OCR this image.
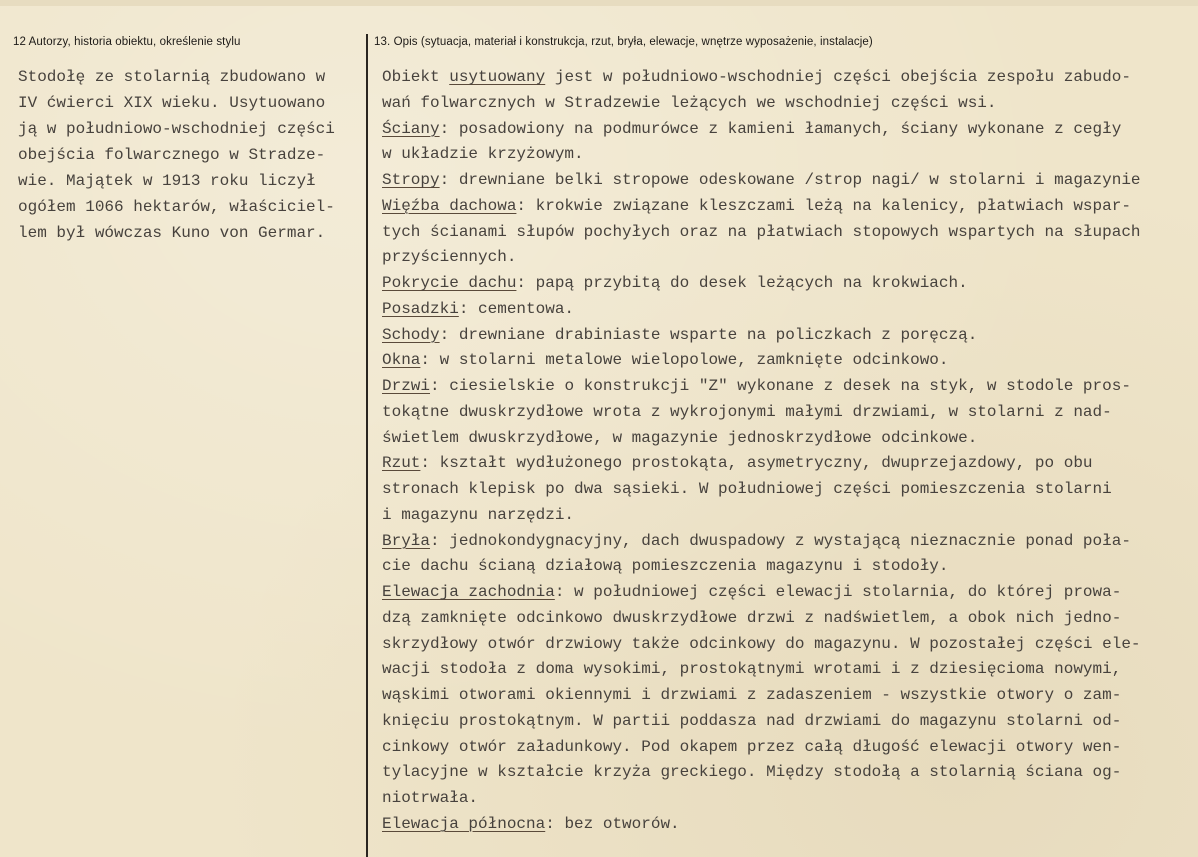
12 Autorzy, historia obiektu, określenie stylu	13. Opis (sytuacja, materiał i konstrukcja, rzut, bryła, elewacje, wnętrze wyposażenie, instalacje)
Stodołę ze stolarnią zbudowano w
IV ćwierci XIX wieku. Usytuowano
ją w południowo-wschodniej części
obejścia folwarcznego w Stradze-
wie. Majątek w 1913 roku liczył
ogółem 1066 hektarów, właściciel-
lem był wówczas Kuno von Germar.
Obiekt usytuowany jest w południowo-wschodniej części obejścia zespołu zabudo-
wań folwarcznych w Stradzewie leżących we wschodniej części wsi.
Ściany: posadowiony na podmurówce z kamieni łamanych, ściany wykonane z cegły
w układzie krzyżowym.
Stropy: drewniane belki stropowe odeskowane /strop nagi/ w stolarni i magazynie
Więźba dachowa: krokwie związane kleszczami leżą na kalenicy, płatwiach wspar-
tych ścianami słupów pochyłych oraz na płatwiach stopowych wspartych na słupach
przyściennych.
Pokrycie dachu: papą przybitą do desek leżących na krokwiach.
Posadzki: cementowa.
Schody: drewniane drabiniaste wsparte na policzkach z poręczą.
Okna: w stolarni metalowe wielopolowe, zamknięte odcinkowo.
Drzwi: ciesielskie o konstrukcji "Z" wykonane z desek na styk, w stodole pros-
tokątne dwuskrzydłowe wrota z wykrojonymi małymi drzwiami, w stolarni z nad-
świetlem dwuskrzydłowe, w magazynie jednoskrzydłowe odcinkowe.
Rzut: kształt wydłużonego prostokąta, asymetryczny, dwuprzejazdowy, po obu
stronach klepisk po dwa sąsieki. W południowej części pomieszczenia stolarni
i magazynu narzędzi.
Bryła: jednokondygnacyjny, dach dwuspadowy z wystającą nieznacznie ponad poła-
cie dachu ścianą działową pomieszczenia magazynu i stodoły.
Elewacja zachodnia: w południowej części elewacji stolarnia, do której prowa-
dzą zamknięte odcinkowo dwuskrzydłowe drzwi z nadświetlem, a obok nich jedno-
skrzydłowy otwór drzwiowy także odcinkowy do magazynu. W pozostałej części ele-
wacji stodoła z doma wysokimi, prostokątnymi wrotami i z dziesięcioma nowymi,
wąskimi otworami okiennymi i drzwiami z zadaszeniem - wszystkie otwory o zam-
knięciu prostokątnym. W partii poddasza nad drzwiami do magazynu stolarni od-
cinkowy otwór załadunkowy. Pod okapem przez całą długość elewacji otwory wen-
tylacyjne w kształcie krzyża greckiego. Między stodołą a stolarnią ściana og-
niotrwała.
Elewacja północna: bez otworów.
